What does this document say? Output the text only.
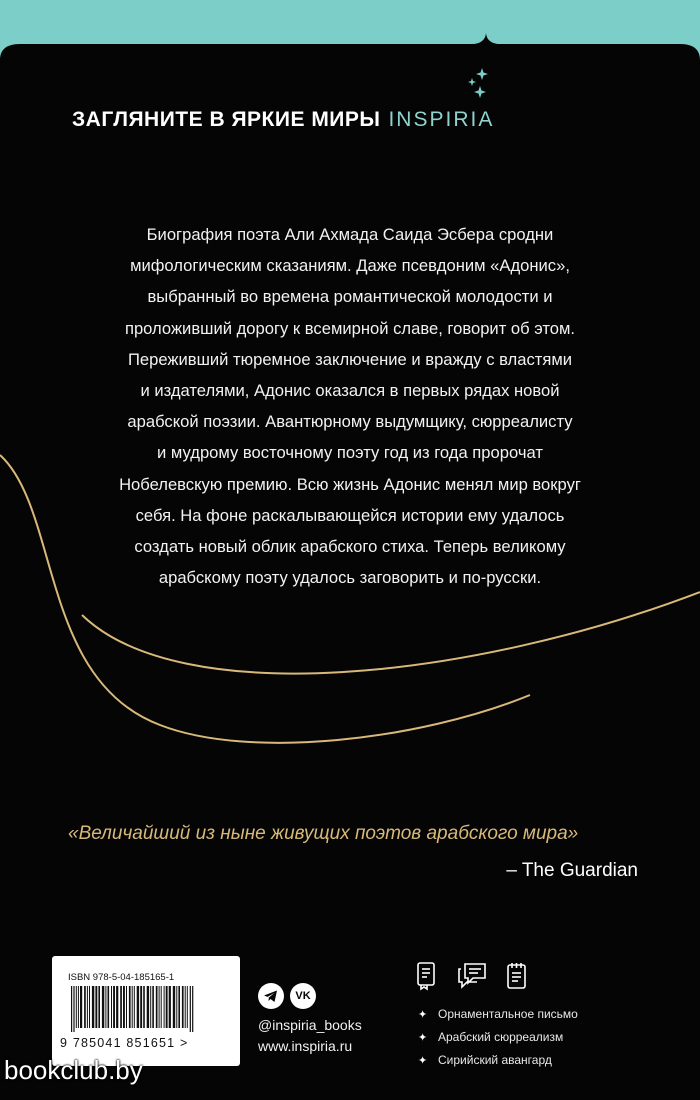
ЗАГЛЯНИТЕ В ЯРКИЕ МИРЫ INSPIRIA

Биография поэта Али Ахмада Саида Эсбера сродни
мифологическим сказаниям. Даже псевдоним «Адонис»,
выбранный во времена романтической молодости и
проложивший дорогу к всемирной славе, говорит об этом.
Переживший тюремное заключение и вражду с властями
и издателями, Адонис оказался в первых рядах новой
арабской поэзии. Авантюрному выдумщику, сюрреалисту
и мудрому восточному поэту год из года пророчат
Нобелевскую премию. Всю жизнь Адонис менял мир вокруг
себя. На фоне раскалывающейся истории ему удалось
создать новый облик арабского стиха. Теперь великому
арабскому поэту удалось заговорить и по-русски.

«Величайший из ныне живущих поэтов арабского мира»
– The Guardian
ISBN 978-5-04-185165-1
9 785041 851651 >
VK
@inspiria_books
www.inspiria.ru
✦ Орнаментальное письмо
✦ Арабский сюрреализм
✦ Сирийский авангард
bookclub.by
